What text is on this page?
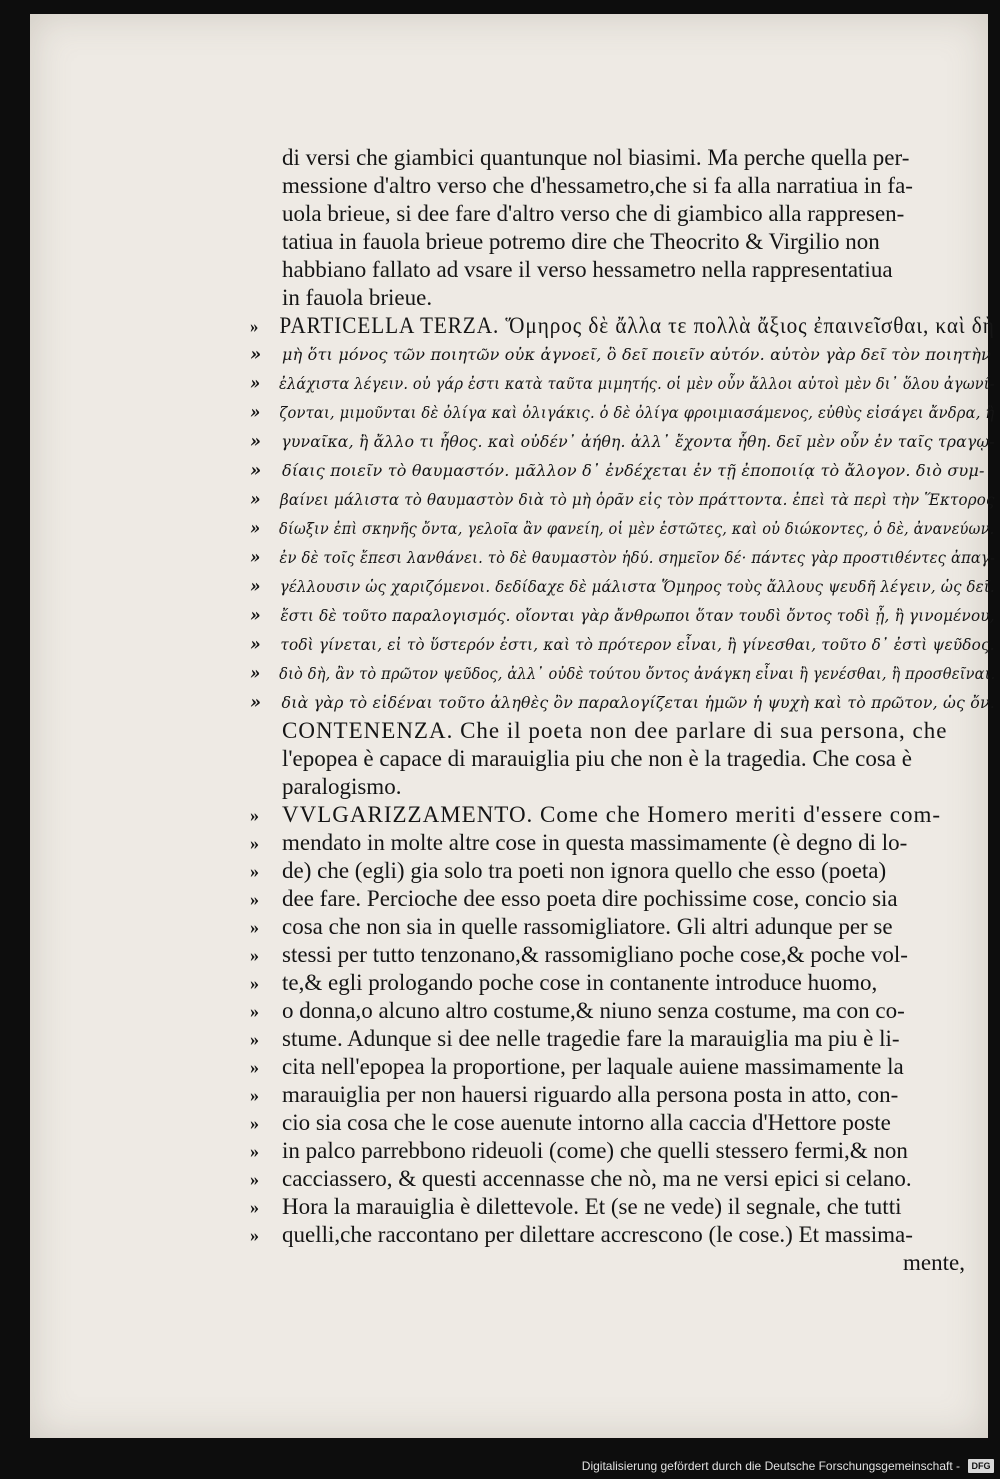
di versi che giambici quantunque nol biasimi. Ma perche quella per-
messione d'altro verso che d'hessametro,che si fa alla narratiua in fa-
uola brieue, si dee fare d'altro verso che di giambico alla rappresen-
tatiua in fauola brieue potremo dire che Theocrito & Virgilio non
habbiano fallato ad vsare il verso hessametro nella rappresentatiua
in fauola brieue.
» PARTICELLA TERZA. Ὅμηρος δὲ ἄλλα τε πολλὰ ἄξιος ἐπαινεῖσθαι, καὶ δὴ
» μὴ ὅτι μόνος τῶν ποιητῶν οὐκ ἀγνοεῖ, ὃ δεῖ ποιεῖν αὐτόν. αὐτὸν γὰρ δεῖ τὸν ποιητὴν
» ἐλάχιστα λέγειν. οὐ γάρ ἐστι κατὰ ταῦτα μιμητής. οἱ μὲν οὖν ἄλλοι αὐτοὶ μὲν δι᾽ ὅλου ἀγωνί-
» ζονται, μιμοῦνται δὲ ὀλίγα καὶ ὀλιγάκις. ὁ δὲ ὀλίγα φροιμιασάμενος, εὐθὺς εἰσάγει ἄνδρα, ἢ
» γυναῖκα, ἢ ἄλλο τι ἦθος. καὶ οὐδέν᾽ ἀήθη. ἀλλ᾽ ἔχοντα ἦθη. δεῖ μὲν οὖν ἐν ταῖς τραγῳ-
» δίαις ποιεῖν τὸ θαυμαστόν. μᾶλλον δ᾽ ἐνδέχεται ἐν τῇ ἐποποιίᾳ τὸ ἄλογον. διὸ συμ-
» βαίνει μάλιστα τὸ θαυμαστὸν διὰ τὸ μὴ ὁρᾶν εἰς τὸν πράττοντα. ἐπεὶ τὰ περὶ τὴν Ἕκτορος
» δίωξιν ἐπὶ σκηνῆς ὄντα, γελοῖα ἂν φανείη, οἱ μὲν ἑστῶτες, καὶ οὐ διώκοντες, ὁ δὲ, ἀνανεύων.
» ἐν δὲ τοῖς ἔπεσι λανθάνει. τὸ δὲ θαυμαστὸν ἡδύ. σημεῖον δέ· πάντες γὰρ προστιθέντες ἀπαγ-
» γέλλουσιν ὡς χαριζόμενοι. δεδίδαχε δὲ μάλιστα Ὅμηρος τοὺς ἄλλους ψευδῆ λέγειν, ὡς δεῖ.
» ἔστι δὲ τοῦτο παραλογισμός. οἴονται γὰρ ἄνθρωποι ὅταν τουδὶ ὄντος τοδὶ ᾖ, ἢ γινομένου,
» τοδὶ γίνεται, εἰ τὸ ὕστερόν ἐστι, καὶ τὸ πρότερον εἶναι, ἢ γίνεσθαι, τοῦτο δ᾽ ἐστὶ ψεῦδος.
» διὸ δὴ, ἂν τὸ πρῶτον ψεῦδος, ἀλλ᾽ οὐδὲ τούτου ὄντος ἀνάγκη εἶναι ἢ γενέσθαι, ἢ προσθεῖναι.
» διὰ γὰρ τὸ εἰδέναι τοῦτο ἀληθὲς ὂν παραλογίζεται ἡμῶν ἡ ψυχὴ καὶ τὸ πρῶτον, ὡς ὄν.
CONTENENZA. Che il poeta non dee parlare di sua persona, che
l'epopea è capace di marauiglia piu che non è la tragedia. Che cosa è
paralogismo.
» VVLGARIZZAMENTO. Come che Homero meriti d'essere com-
» mendato in molte altre cose in questa massimamente (è degno di lo-
» de) che (egli) gia solo tra poeti non ignora quello che esso (poeta)
» dee fare. Percioche dee esso poeta dire pochissime cose, concio sia
» cosa che non sia in quelle rassomigliatore. Gli altri adunque per se
» stessi per tutto tenzonano,& rassomigliano poche cose,& poche vol-
» te,& egli prologando poche cose in contanente introduce huomo,
» o donna,o alcuno altro costume,& niuno senza costume, ma con co-
» stume. Adunque si dee nelle tragedie fare la marauiglia ma piu è li-
» cita nell'epopea la proportione, per laquale auiene massimamente la
» marauiglia per non hauersi riguardo alla persona posta in atto, con-
» cio sia cosa che le cose auenute intorno alla caccia d'Hettore poste
» in palco parrebbono rideuoli (come) che quelli stessero fermi,& non
» cacciassero, & questi accennasse che nò, ma ne versi epici si celano.
» Hora la marauiglia è dilettevole. Et (se ne vede) il segnale, che tutti
» quelli,che raccontano per dilettare accrescono (le cose.) Et massima-
mente,
Digitalisierung gefördert durch die Deutsche Forschungsgemeinschaft -	DFG
